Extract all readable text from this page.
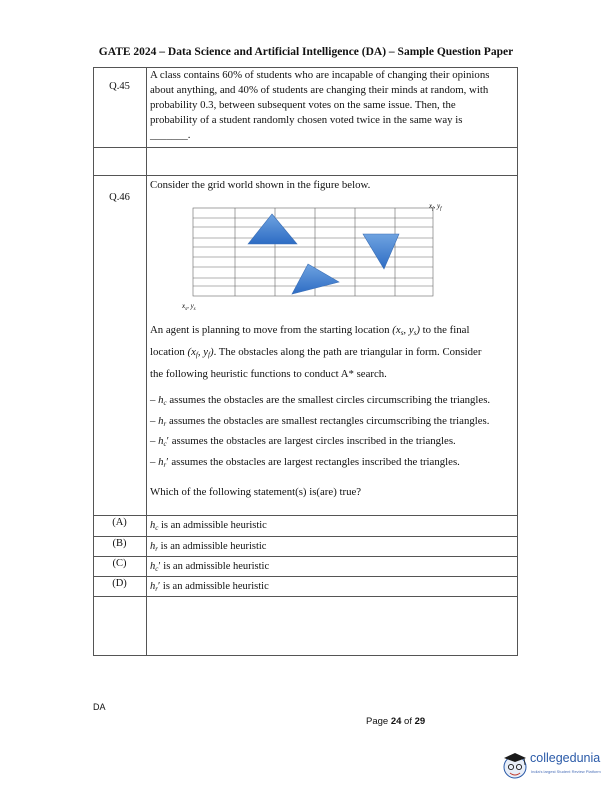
GATE 2024 – Data Science and Artificial Intelligence (DA) – Sample Question Paper
Q.45
A class contains 60% of students who are incapable of changing their opinions
about anything, and 40% of students are changing their minds at random, with
probability 0.3, between subsequent votes on the same issue. Then, the
probability of a student randomly chosen voted twice in the same way is
_______.
Q.46
Consider the grid world shown in the figure below.
$x_f$, $y_f$
$x_s$, $y_s$
An agent is planning to move from the starting location ($x_s$, $y_s$) to the final
location ($x_f$, $y_f$). The obstacles along the path are triangular in form. Consider
the following heuristic functions to conduct A* search.
– $h_c$ assumes the obstacles are the smallest circles circumscribing the triangles.
– $h_r$ assumes the obstacles are smallest rectangles circumscribing the triangles.
– $h_c'$ assumes the obstacles are largest circles inscribed in the triangles.
– $h_r'$ assumes the obstacles are largest rectangles inscribed the triangles.
Which of the following statement(s) is(are) true?
(A)	$h_c$ is an admissible heuristic
(B)	$h_r$ is an admissible heuristic
(C)	$h_c'$ is an admissible heuristic
(D)	$h_r'$ is an admissible heuristic
DA
Page 24 of 29
collegedunia
India's largest Student Review Platform
